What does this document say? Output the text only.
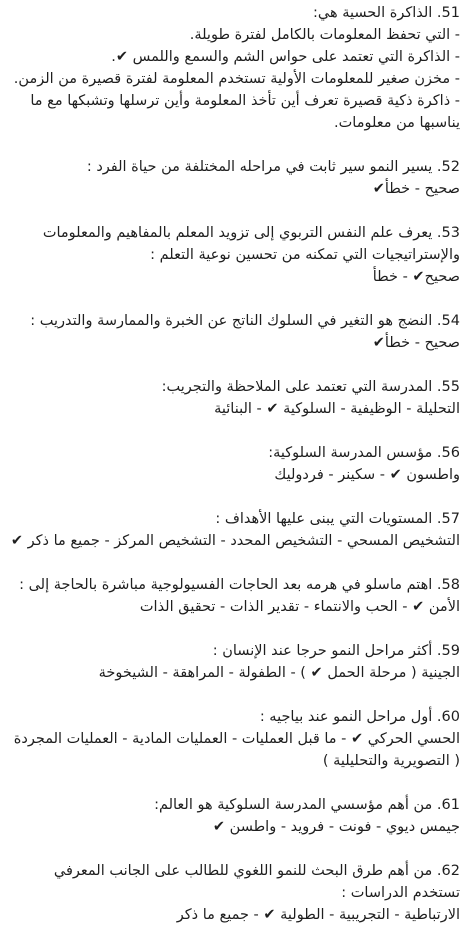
51. الذاكرة الحسية هي:
- التي تحفظ المعلومات بالكامل لفترة طويلة.
- الذاكرة التي تعتمد على حواس الشم والسمع واللمس ✔.
- مخزن صغير للمعلومات الأولية تستخدم المعلومة لفترة قصيرة من الزمن.
- ذاكرة ذكية قصيرة تعرف أين تأخذ المعلومة وأين ترسلها وتشبكها مع ما يناسبها من معلومات.
52. يسير النمو سير ثابت في مراحله المختلفة من حياة الفرد :
صحيح - خطأ✔
53. يعرف علم النفس التربوي إلى تزويد المعلم بالمفاهيم والمعلومات والإستراتيجيات التي تمكنه من تحسين نوعية التعلم :
صحيح✔ - خطأ
54. النضج هو التغير في السلوك الناتج عن الخبرة والممارسة والتدريب :
صحيح - خطأ✔
55. المدرسة التي تعتمد على الملاحظة والتجريب:
التحليلة - الوظيفية - السلوكية ✔ - البنائية
56. مؤسس المدرسة السلوكية:
واطسون ✔ - سكينر - فردوليك
57. المستويات التي يبنى عليها الأهداف :
التشخيص المسحي - التشخيص المحدد - التشخيص المركز - جميع ما ذكر ✔
58. اهتم ماسلو في هرمه بعد الحاجات الفسيولوجية مباشرة بالحاجة إلى :
الأمن ✔ - الحب والانتماء - تقدير الذات - تحقيق الذات
59. أكثر مراحل النمو حرجا عند الإنسان :
الجينية ( مرحلة الحمل ✔ ) - الطفولة - المراهقة - الشيخوخة
60. أول مراحل النمو عند بياجيه :
الحسي الحركي ✔ - ما قبل العمليات - العمليات المادية - العمليات المجردة ( التصويرية والتحليلية )
61. من أهم مؤسسي المدرسة السلوكية هو العالم:
جيمس ديوي - فونت - فرويد - واطسن ✔
62. من أهم طرق البحث للنمو اللغوي للطالب على الجانب المعرفي تستخدم الدراسات :
الارتباطية - التجريبية - الطولية ✔ - جميع ما ذكر
